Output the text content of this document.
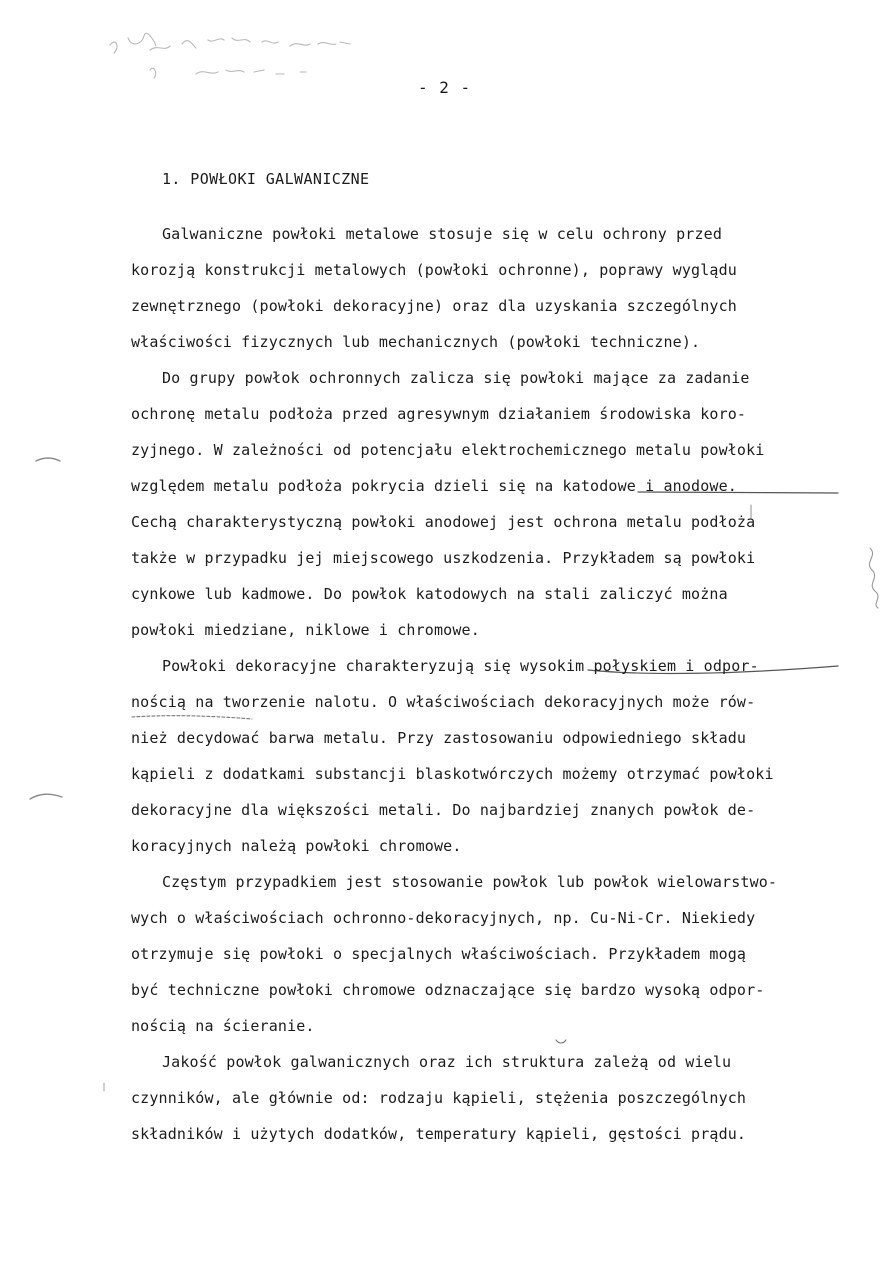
- 2 -
1. POWŁOKI GALWANICZNE
Galwaniczne powłoki metalowe stosuje się w celu ochrony przed
korozją konstrukcji metalowych (powłoki ochronne), poprawy wyglądu
zewnętrznego (powłoki dekoracyjne) oraz dla uzyskania szczególnych
właściwości fizycznych lub mechanicznych (powłoki techniczne).
Do grupy powłok ochronnych zalicza się powłoki mające za zadanie
ochronę metalu podłoża przed agresywnym działaniem środowiska koro-
zyjnego. W zależności od potencjału elektrochemicznego metalu powłoki
względem metalu podłoża pokrycia dzieli się na katodowe i anodowe.
Cechą charakterystyczną powłoki anodowej jest ochrona metalu podłoża
także w przypadku jej miejscowego uszkodzenia. Przykładem są powłoki
cynkowe lub kadmowe. Do powłok katodowych na stali zaliczyć można
powłoki miedziane, niklowe i chromowe.
Powłoki dekoracyjne charakteryzują się wysokim połyskiem i odpor-
nością na tworzenie nalotu. O właściwościach dekoracyjnych może rów-
nież decydować barwa metalu. Przy zastosowaniu odpowiedniego składu
kąpieli z dodatkami substancji blaskotwórczych możemy otrzymać powłoki
dekoracyjne dla większości metali. Do najbardziej znanych powłok de-
koracyjnych należą powłoki chromowe.
Częstym przypadkiem jest stosowanie powłok lub powłok wielowarstwo-
wych o właściwościach ochronno-dekoracyjnych, np. Cu-Ni-Cr. Niekiedy
otrzymuje się powłoki o specjalnych właściwościach. Przykładem mogą
być techniczne powłoki chromowe odznaczające się bardzo wysoką odpor-
nością na ścieranie.
Jakość powłok galwanicznych oraz ich struktura zależą od wielu
czynników, ale głównie od: rodzaju kąpieli, stężenia poszczególnych
składników i użytych dodatków, temperatury kąpieli, gęstości prądu.
